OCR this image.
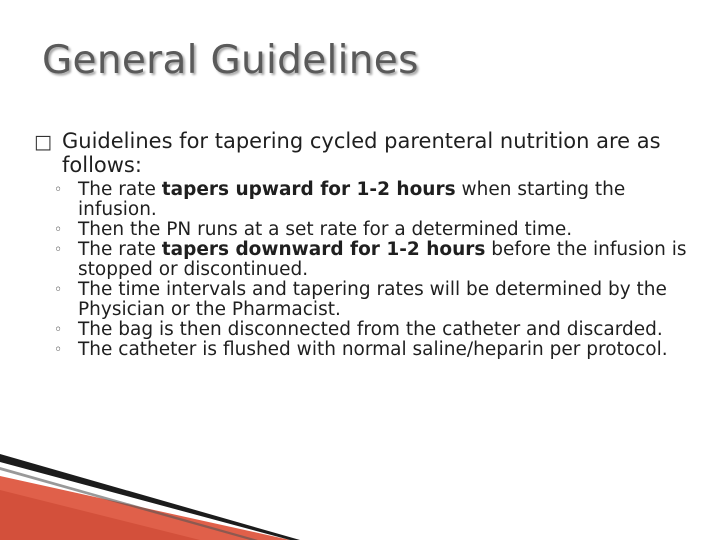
General Guidelines
□ Guidelines for tapering cycled parenteral nutrition are as follows:
◦ The rate tapers upward for 1-2 hours when starting the infusion.
◦ Then the PN runs at a set rate for a determined time.
◦ The rate tapers downward for 1-2 hours before the infusion is stopped or discontinued.
◦ The time intervals and tapering rates will be determined by the Physician or the Pharmacist.
◦ The bag is then disconnected from the catheter and discarded.
◦ The catheter is flushed with normal saline/heparin per protocol.
